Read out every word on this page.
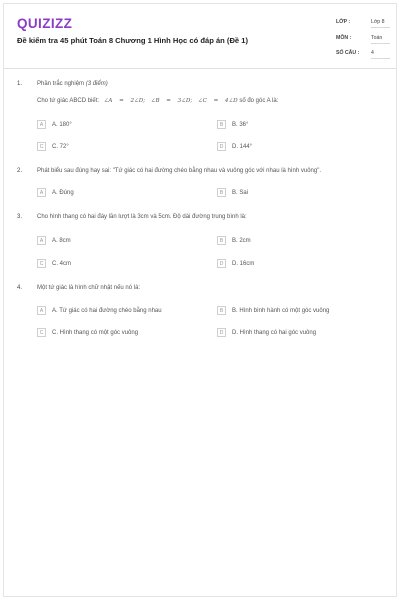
QUIZIZZ
Đề kiểm tra 45 phút Toán 8 Chương 1 Hình Học có đáp án (Đề 1)
LỚP :	Lớp 8
MÔN :	Toán
SỐ CÂU : 4
1. Phần trắc nghiệm (3 điểm)
Cho tứ giác ABCD biết: ∠A = 2∠D; ∠B = 3∠D; ∠C = 4∠D số đo góc A là:
A	A. 180°	B	B. 36°
C	C. 72°	D	D. 144°
2. Phát biểu sau đúng hay sai: "Tứ giác có hai đường chéo bằng nhau và vuông góc với nhau là hình vuông".
A	A. Đúng	B	B. Sai
3. Cho hình thang có hai đáy lần lượt là 3cm và 5cm. Độ dài đường trung bình là:
A	A. 8cm	B	B. 2cm
C	C. 4cm	D	D. 16cm
4. Một tứ giác là hình chữ nhật nếu nó là:
A	A. Tứ giác có hai đường chéo bằng nhau	B	B. Hình bình hành có một góc vuông
C	C. Hình thang có một góc vuông	D	D. Hình thang có hai góc vuông
